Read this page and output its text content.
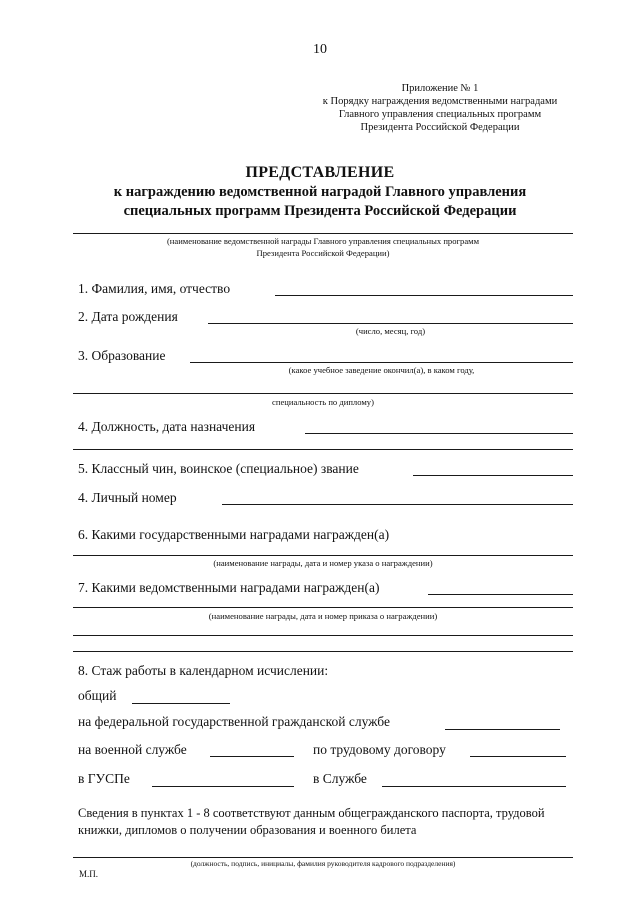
10
Приложение № 1
к Порядку награждения ведомственными наградами
Главного управления специальных программ
Президента Российской Федерации
ПРЕДСТАВЛЕНИЕ
к награждению ведомственной наградой Главного управления
специальных программ Президента Российской Федерации
(наименование ведомственной награды Главного управления специальных программ
Президента Российской Федерации)
1. Фамилия, имя, отчество
2. Дата рождения
(число, месяц, год)
3. Образование
(какое учебное заведение окончил(а), в каком году,
специальность по диплому)
4. Должность, дата назначения
5. Классный чин, воинское (специальное) звание
4. Личный номер
6. Какими государственными наградами награжден(а)
(наименование награды, дата и номер указа о награждении)
7. Какими ведомственными наградами награжден(а)
(наименование награды, дата и номер приказа о награждении)
8. Стаж работы в календарном исчислении:
общий
на федеральной государственной гражданской службе
на военной службе	по трудовому договору
в ГУСПе	в Службе
Сведения в пунктах 1 - 8 соответствуют данным общегражданского паспорта, трудовой книжки, дипломов о получении образования и военного билета
(должность, подпись, инициалы, фамилия руководителя кадрового подразделения)
М.П.
